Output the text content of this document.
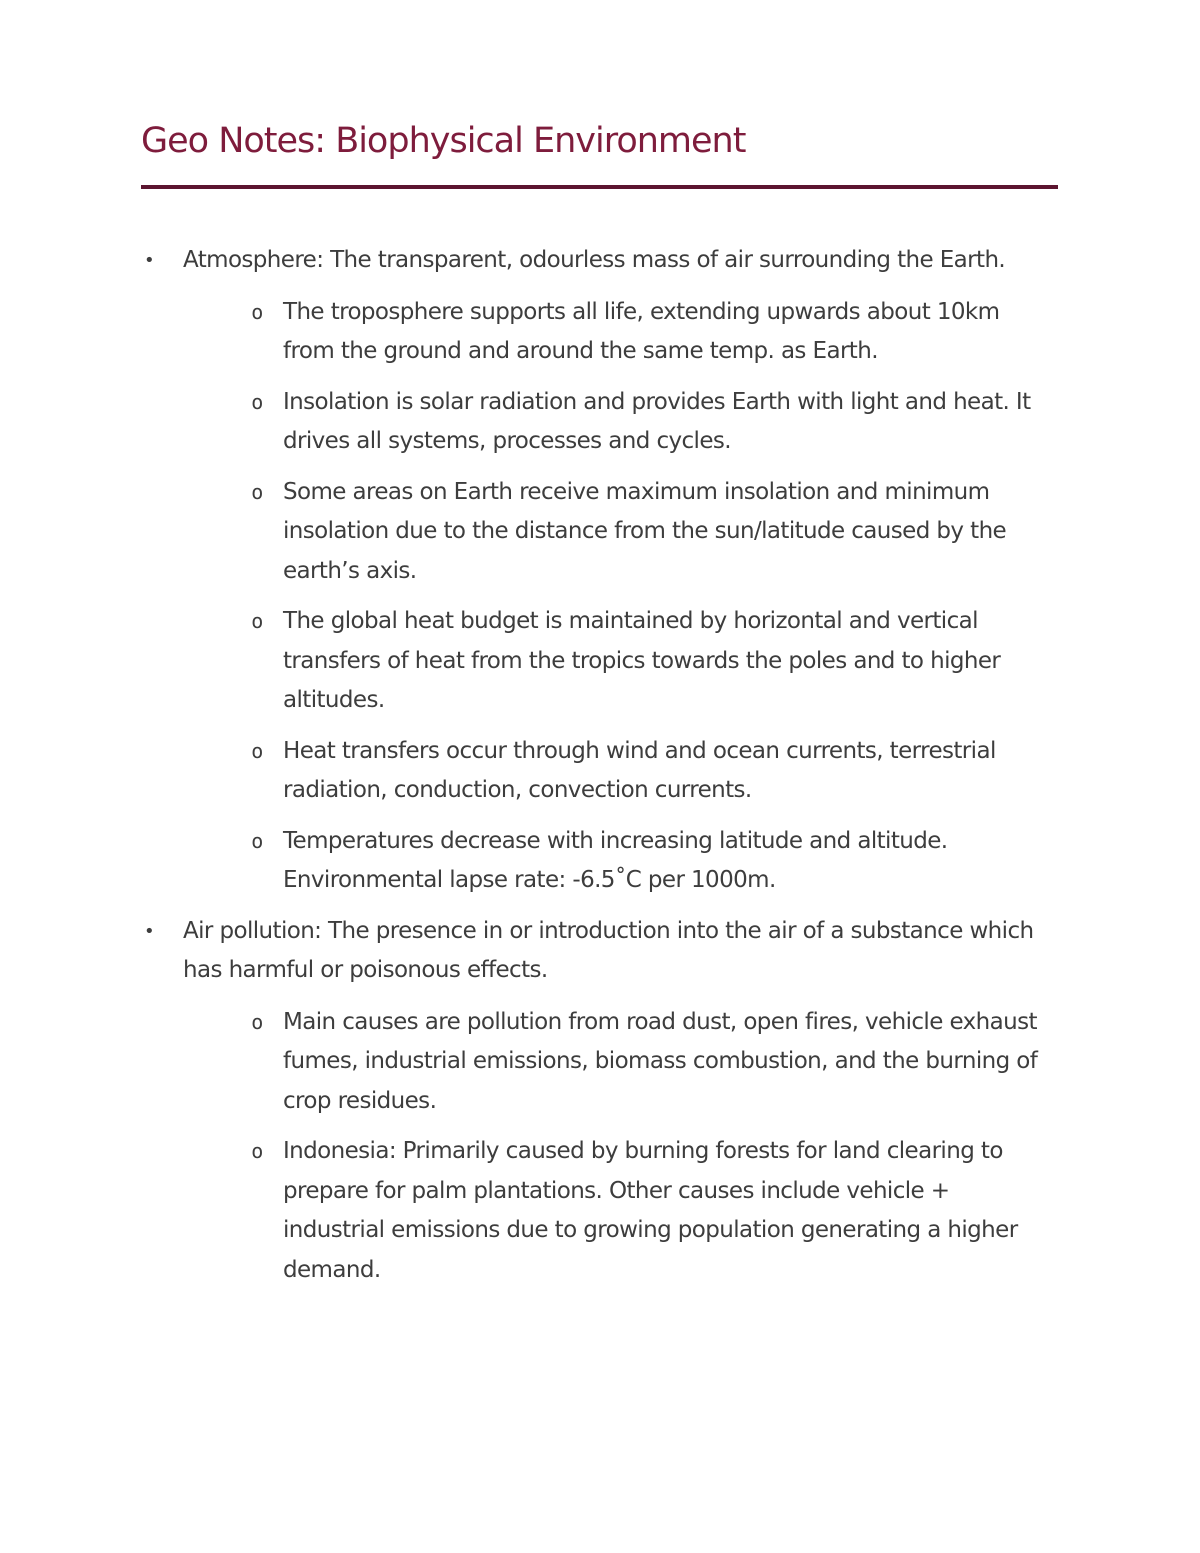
Geo Notes: Biophysical Environment
• Atmosphere: The transparent, odourless mass of air surrounding the Earth.
o The troposphere supports all life, extending upwards about 10km from the ground and around the same temp. as Earth.
o Insolation is solar radiation and provides Earth with light and heat. It drives all systems, processes and cycles.
o Some areas on Earth receive maximum insolation and minimum insolation due to the distance from the sun/latitude caused by the earth’s axis.
o The global heat budget is maintained by horizontal and vertical transfers of heat from the tropics towards the poles and to higher altitudes.
o Heat transfers occur through wind and ocean currents, terrestrial radiation, conduction, convection currents.
o Temperatures decrease with increasing latitude and altitude. Environmental lapse rate: -6.5˚C per 1000m.
• Air pollution: The presence in or introduction into the air of a substance which has harmful or poisonous effects.
o Main causes are pollution from road dust, open fires, vehicle exhaust fumes, industrial emissions, biomass combustion, and the burning of crop residues.
o Indonesia: Primarily caused by burning forests for land clearing to prepare for palm plantations. Other causes include vehicle + industrial emissions due to growing population generating a higher demand.
